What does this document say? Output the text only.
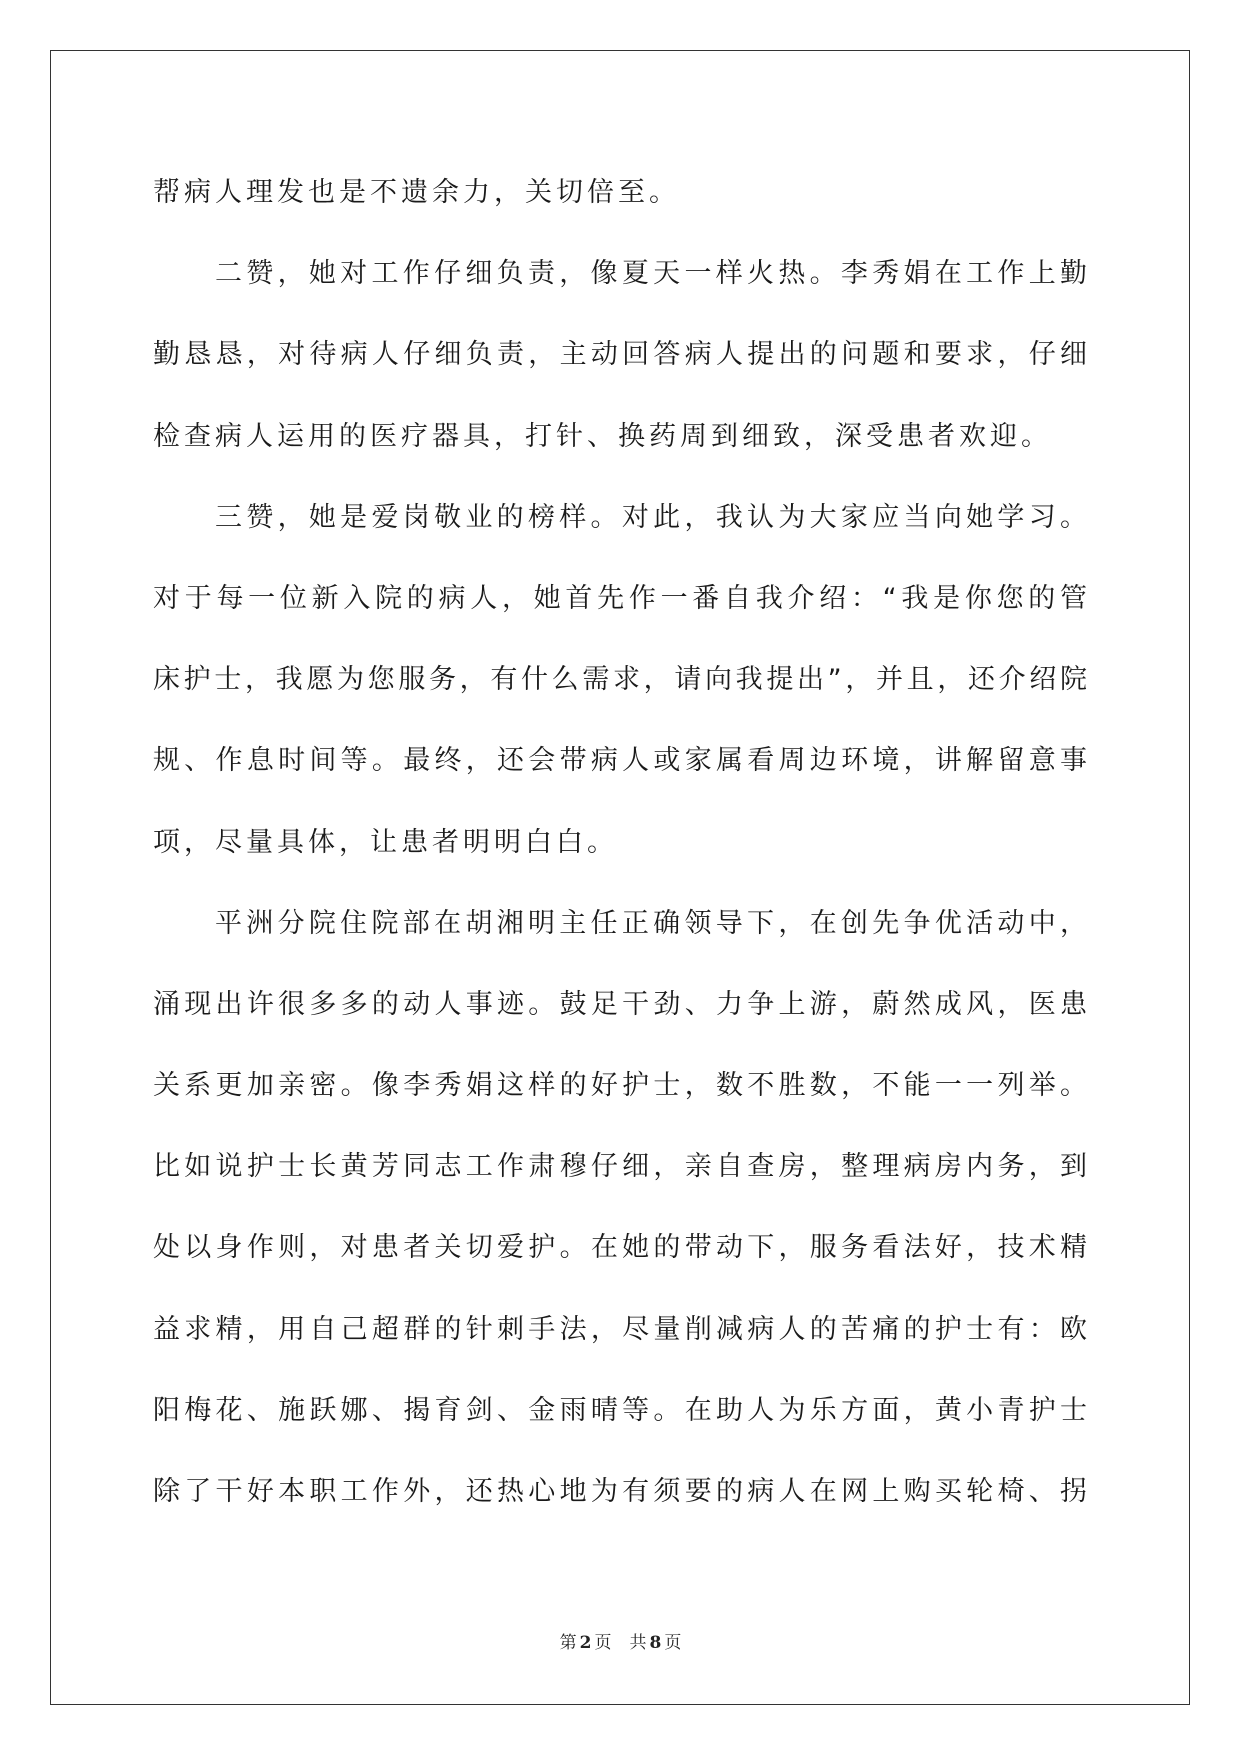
帮病人理发也是不遗余力，关切倍至。
二赞，她对工作仔细负责，像夏天一样火热。李秀娟在工作上勤
勤恳恳，对待病人仔细负责，主动回答病人提出的问题和要求，仔细
检查病人运用的医疗器具，打针、换药周到细致，深受患者欢迎。
三赞，她是爱岗敬业的榜样。对此，我认为大家应当向她学习。
对于每一位新入院的病人，她首先作一番自我介绍：“我是你您的管
床护士，我愿为您服务，有什么需求，请向我提出”，并且，还介绍院
规、作息时间等。最终，还会带病人或家属看周边环境，讲解留意事
项，尽量具体，让患者明明白白。
平洲分院住院部在胡湘明主任正确领导下，在创先争优活动中，
涌现出许很多多的动人事迹。鼓足干劲、力争上游，蔚然成风，医患
关系更加亲密。像李秀娟这样的好护士，数不胜数，不能一一列举。
比如说护士长黄芳同志工作肃穆仔细，亲自查房，整理病房内务，到
处以身作则，对患者关切爱护。在她的带动下，服务看法好，技术精
益求精，用自己超群的针刺手法，尽量削减病人的苦痛的护士有：欧
阳梅花、施跃娜、揭育剑、金雨晴等。在助人为乐方面，黄小青护士
除了干好本职工作外，还热心地为有须要的病人在网上购买轮椅、拐
第 2 页 共 8 页
